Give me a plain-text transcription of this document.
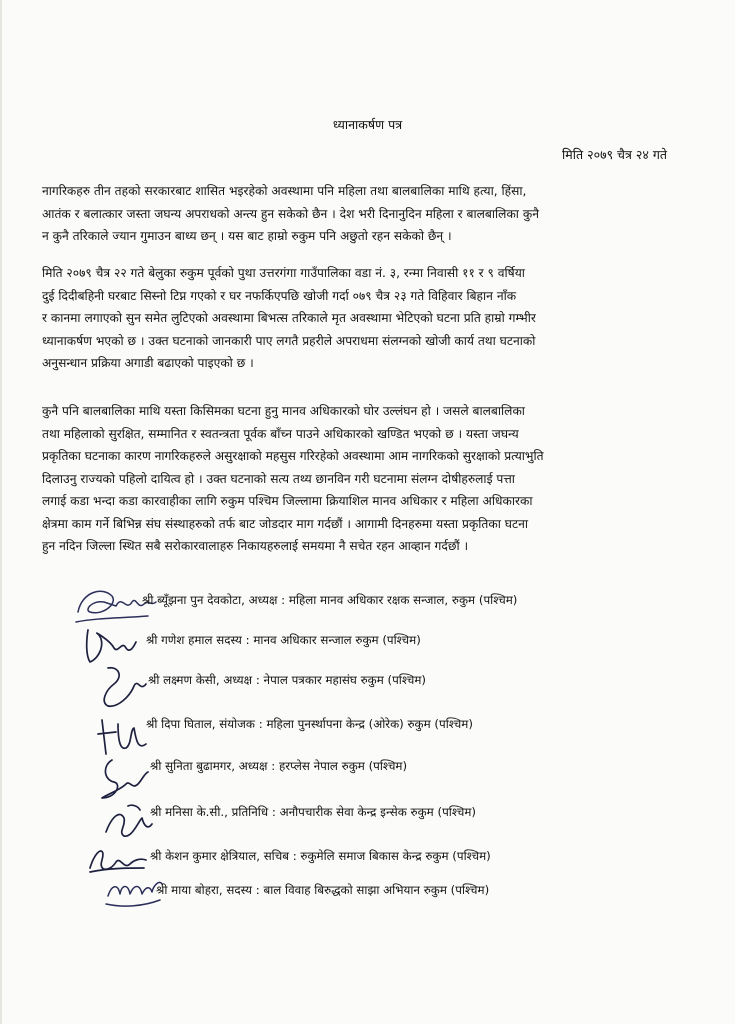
ध्यानाकर्षण पत्र
मिति २०७९ चैत्र २४ गते
नागरिकहरु तीन तहको सरकारबाट शासित भइरहेको अवस्थामा पनि महिला तथा बालबालिका माथि हत्या, हिंसा,
आतंक र बलात्कार जस्ता जघन्य अपराधको अन्त्य हुन सकेको छैन । देश भरी दिनानुदिन महिला र बालबालिका कुनै
न कुनै तरिकाले ज्यान गुमाउन बाध्य छन् । यस बाट हाम्रो रुकुम पनि अछुतो रहन सकेको छैन् ।
मिति २०७९ चैत्र २२ गते बेलुका रुकुम पूर्वको पुथा उत्तरगंगा गाउँपालिका वडा नं. ३, रन्मा निवासी ११ र ९ वर्षिया
दुई दिदीबहिनी घरबाट सिस्नो टिप्न गएको र घर नफर्किएपछि खोजी गर्दा ०७९ चैत्र २३ गते विहिवार बिहान नाँक
र कानमा लगाएको सुन समेत लुटिएको अवस्थामा बिभत्स तरिकाले मृत अवस्थामा भेटिएको घटना प्रति हाम्रो गम्भीर
ध्यानाकर्षण भएको छ । उक्त घटनाको जानकारी पाए लगतै प्रहरीले अपराधमा संलग्नको खोजी कार्य तथा घटनाको
अनुसन्धान प्रक्रिया अगाडी बढाएको पाइएको छ ।
कुनै पनि बालबालिका माथि यस्ता किसिमका घटना हुनु मानव अधिकारको घोर उल्लंघन हो । जसले बालबालिका
तथा महिलाको सुरक्षित, सम्मानित र स्वतन्त्रता पूर्वक बाँच्न पाउने अधिकारको खण्डित भएको छ । यस्ता जघन्य
प्रकृतिका घटनाका कारण नागरिकहरुले असुरक्षाको महसुस गरिरहेको अवस्थामा आम नागरिकको सुरक्षाको प्रत्याभुति
दिलाउनु राज्यको पहिलो दायित्व हो । उक्त घटनाको सत्य तथ्य छानविन गरी घटनामा संलग्न दोषीहरुलाई पत्ता
लगाई कडा भन्दा कडा कारवाहीका लागि रुकुम पश्चिम जिल्लामा क्रियाशिल मानव अधिकार र महिला अधिकारका
क्षेत्रमा काम गर्ने बिभिन्न संघ संस्थाहरुको तर्फ बाट जोडदार माग गर्दछौं । आगामी दिनहरुमा यस्ता प्रकृतिका घटना
हुन नदिन जिल्ला स्थित सबै सरोकारवालाहरु निकायहरुलाई समयमा नै सचेत रहन आव्हान गर्दछौं ।
श्री ब्यूँझना पुन देवकोटा, अध्यक्ष : महिला मानव अधिकार रक्षक सन्जाल, रुकुम (पश्चिम)
श्री गणेश हमाल सदस्य : मानव अधिकार सन्जाल रुकुम (पश्चिम)
श्री लक्ष्मण केसी, अध्यक्ष : नेपाल पत्रकार महासंघ रुकुम (पश्चिम)
श्री दिपा घिताल, संयोजक : महिला पुनर्स्थापना केन्द्र (ओरेक) रुकुम (पश्चिम)
श्री सुनिता बुढामगर, अध्यक्ष : हरप्लेस नेपाल रुकुम (पश्चिम)
श्री मनिसा के.सी., प्रतिनिधि : अनौपचारीक सेवा केन्द्र इन्सेक रुकुम (पश्चिम)
श्री केशन कुमार क्षेत्रियाल, सचिब : रुकुमेलि समाज बिकास केन्द्र रुकुम (पश्चिम)
श्री माया बोहरा, सदस्य : बाल विवाह बिरुद्धको साझा अभियान रुकुम (पश्चिम)
